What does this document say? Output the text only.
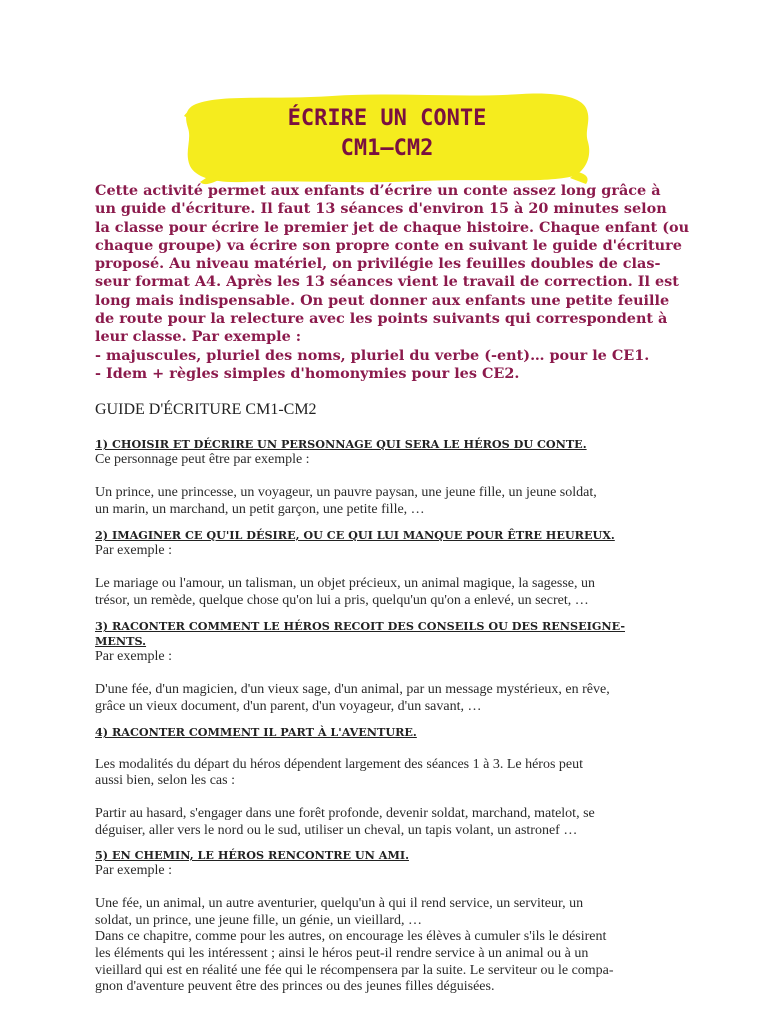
ÉCRIRE UN CONTE
CM1—CM2
Cette activité permet aux enfants d’écrire un conte assez long grâce à
un guide d'écriture. Il faut 13 séances d'environ 15 à 20 minutes selon
la classe pour écrire le premier jet de chaque histoire. Chaque enfant (ou
chaque groupe) va écrire son propre conte en suivant le guide d'écriture
proposé. Au niveau matériel, on privilégie les feuilles doubles de clas-
seur format A4. Après les 13 séances vient le travail de correction. Il est
long mais indispensable. On peut donner aux enfants une petite feuille
de route pour la relecture avec les points suivants qui correspondent à
leur classe. Par exemple :
- majuscules, pluriel des noms, pluriel du verbe (-ent)… pour le CE1.
- Idem + règles simples d'homonymies pour les CE2.
GUIDE D'ÉCRITURE CM1-CM2
1) CHOISIR ET DÉCRIRE UN PERSONNAGE QUI SERA LE HÉROS DU CONTE.
Ce personnage peut être par exemple :

Un prince, une princesse, un voyageur, un pauvre paysan, une jeune fille, un jeune soldat,
un marin, un marchand, un petit garçon, une petite fille, …
2) IMAGINER CE QU'IL DÉSIRE, OU CE QUI LUI MANQUE POUR ÊTRE HEUREUX.
Par exemple :

Le mariage ou l'amour, un talisman, un objet précieux, un animal magique, la sagesse, un
trésor, un remède, quelque chose qu'on lui a pris, quelqu'un qu'on a enlevé, un secret, …
3) RACONTER COMMENT LE HÉROS RECOIT DES CONSEILS OU DES RENSEIGNE-
MENTS.
Par exemple :

D'une fée, d'un magicien, d'un vieux sage, d'un animal, par un message mystérieux, en rêve,
grâce un vieux document, d'un parent, d'un voyageur, d'un savant, …
4) RACONTER COMMENT IL PART À L'AVENTURE.

Les modalités du départ du héros dépendent largement des séances 1 à 3. Le héros peut
aussi bien, selon les cas :

Partir au hasard, s'engager dans une forêt profonde, devenir soldat, marchand, matelot, se
déguiser, aller vers le nord ou le sud, utiliser un cheval, un tapis volant, un astronef …
5) EN CHEMIN, LE HÉROS RENCONTRE UN AMI.
Par exemple :

Une fée, un animal, un autre aventurier, quelqu'un à qui il rend service, un serviteur, un
soldat, un prince, une jeune fille, un génie, un vieillard, …
Dans ce chapitre, comme pour les autres, on encourage les élèves à cumuler s'ils le désirent
les éléments qui les intéressent ; ainsi le héros peut-il rendre service à un animal ou à un
vieillard qui est en réalité une fée qui le récompensera par la suite. Le serviteur ou le compa-
gnon d'aventure peuvent être des princes ou des jeunes filles déguisées.
